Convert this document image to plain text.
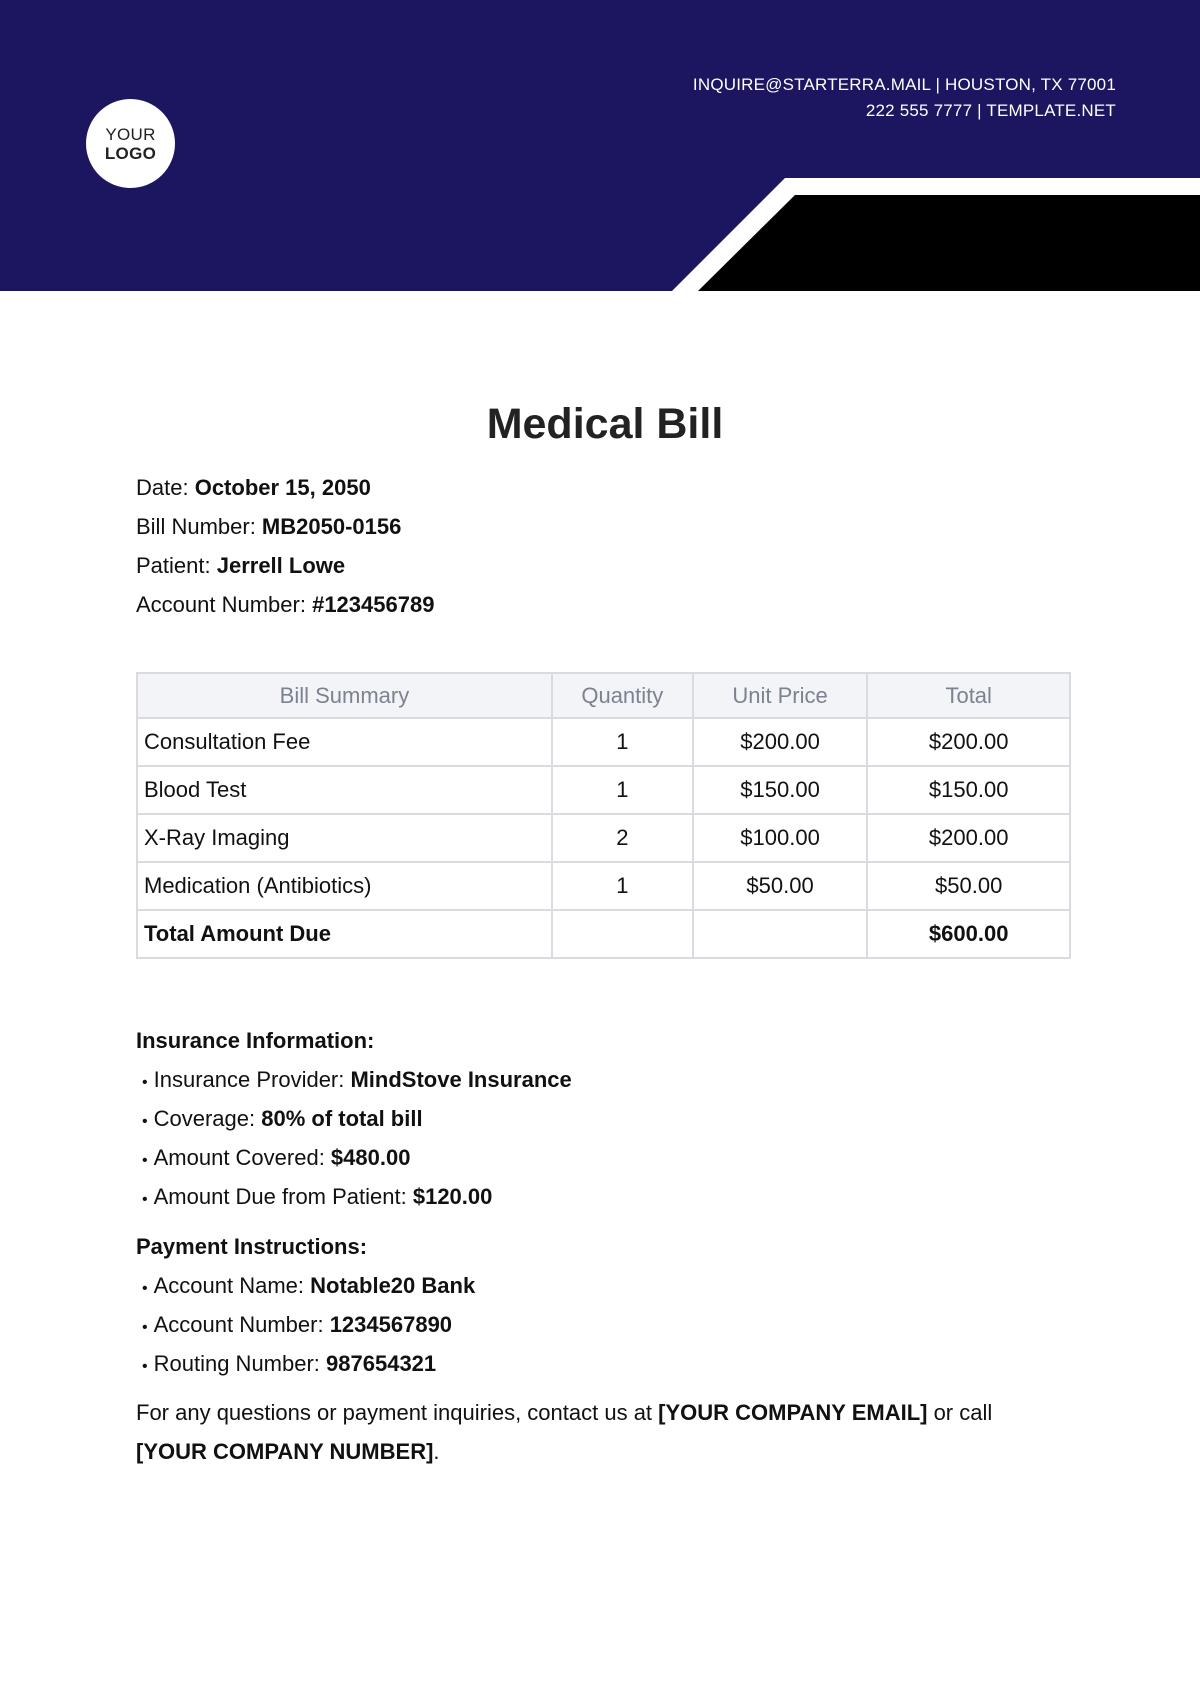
YOUR
LOGO
INQUIRE@STARTERRA.MAIL | HOUSTON, TX 77001
222 555 7777 | TEMPLATE.NET
Medical Bill
Date: October 15, 2050
Bill Number: MB2050-0156
Patient: Jerrell Lowe
Account Number: #123456789
Bill Summary	Quantity	Unit Price	Total
Consultation Fee	1	$200.00	$200.00
Blood Test	1	$150.00	$150.00
X-Ray Imaging	2	$100.00	$200.00
Medication (Antibiotics)	1	$50.00	$50.00
Total Amount Due			$600.00
Insurance Information:
• Insurance Provider: MindStove Insurance
• Coverage: 80% of total bill
• Amount Covered: $480.00
• Amount Due from Patient: $120.00
Payment Instructions:
• Account Name: Notable20 Bank
• Account Number: 1234567890
• Routing Number: 987654321
For any questions or payment inquiries, contact us at [YOUR COMPANY EMAIL] or call
[YOUR COMPANY NUMBER].
